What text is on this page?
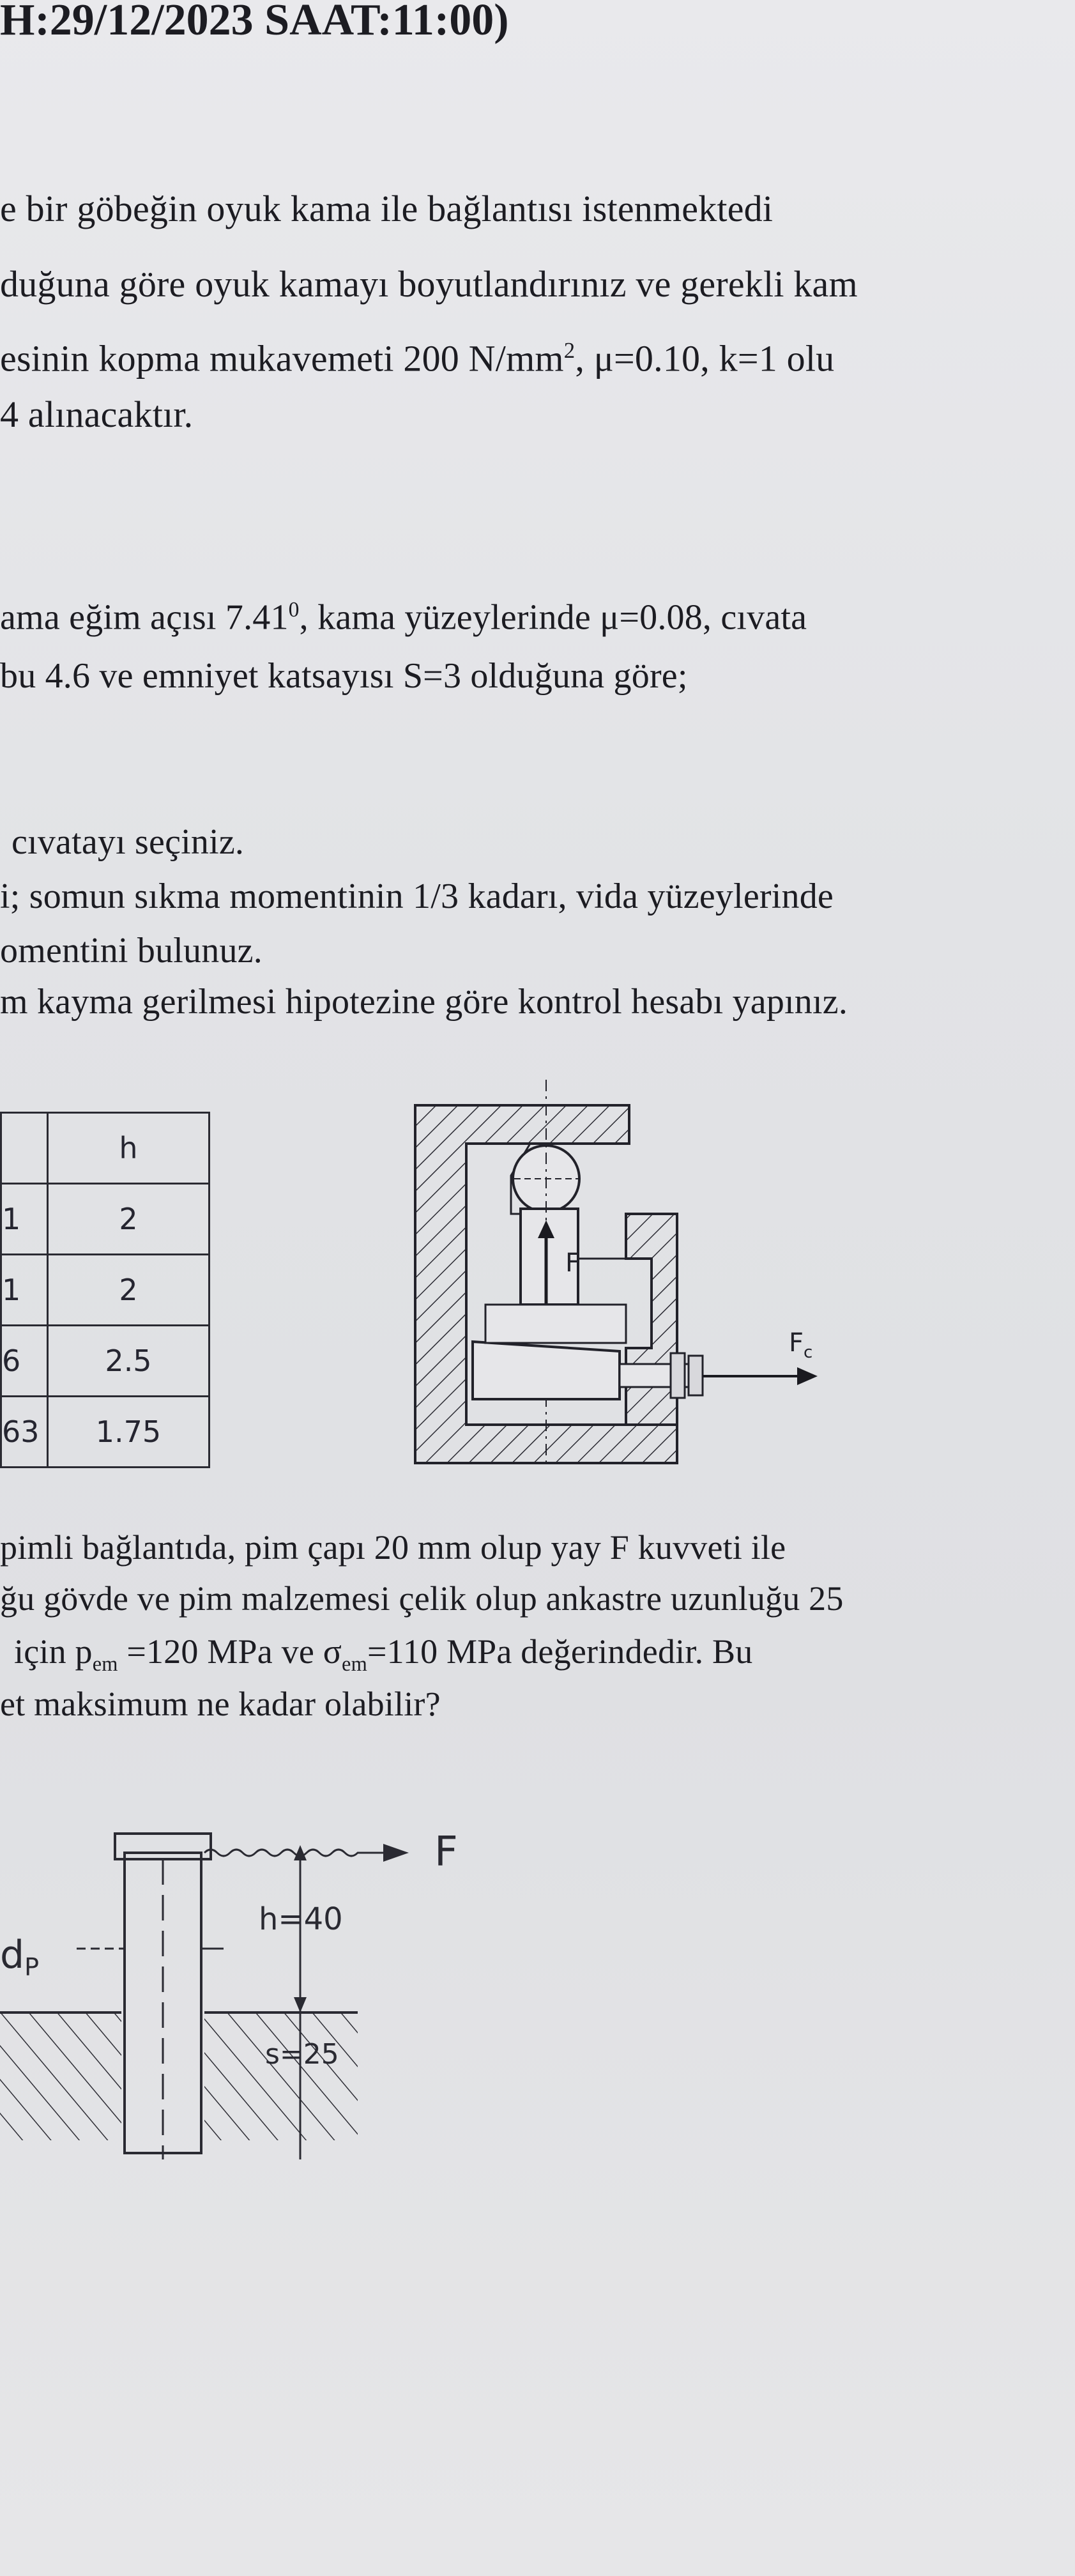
H:29/12/2023 SAAT:11:00)
e bir göbeğin oyuk kama ile bağlantısı istenmektedi
duğuna göre oyuk kamayı boyutlandırınız ve gerekli kam
esinin kopma mukavemeti 200 $N/mm^2$, μ=0.10, k=1 olu
4 alınacaktır.
ama eğim açısı 7.41$^0$, kama yüzeylerinde μ=0.08, cıvata
bu 4.6 ve emniyet katsayısı S=3 olduğuna göre;
cıvatayı seçiniz.
i; somun sıkma momentinin 1/3 kadarı, vida yüzeylerinde
omentini bulunuz.
m kayma gerilmesi hipotezine göre kontrol hesabı yapınız.
	h
1	2
1	2
6	2.5
63	1.75
F
$F_c$
pimli bağlantıda, pim çapı 20 mm olup yay F kuvveti ile
ğu gövde ve pim malzemesi çelik olup ankastre uzunluğu 25
için $p_{em} =120$ MPa ve $\sigma_{em}=110$ MPa değerindedir. Bu
et maksimum ne kadar olabilir?
F
h=40
s=25
$d_P$
